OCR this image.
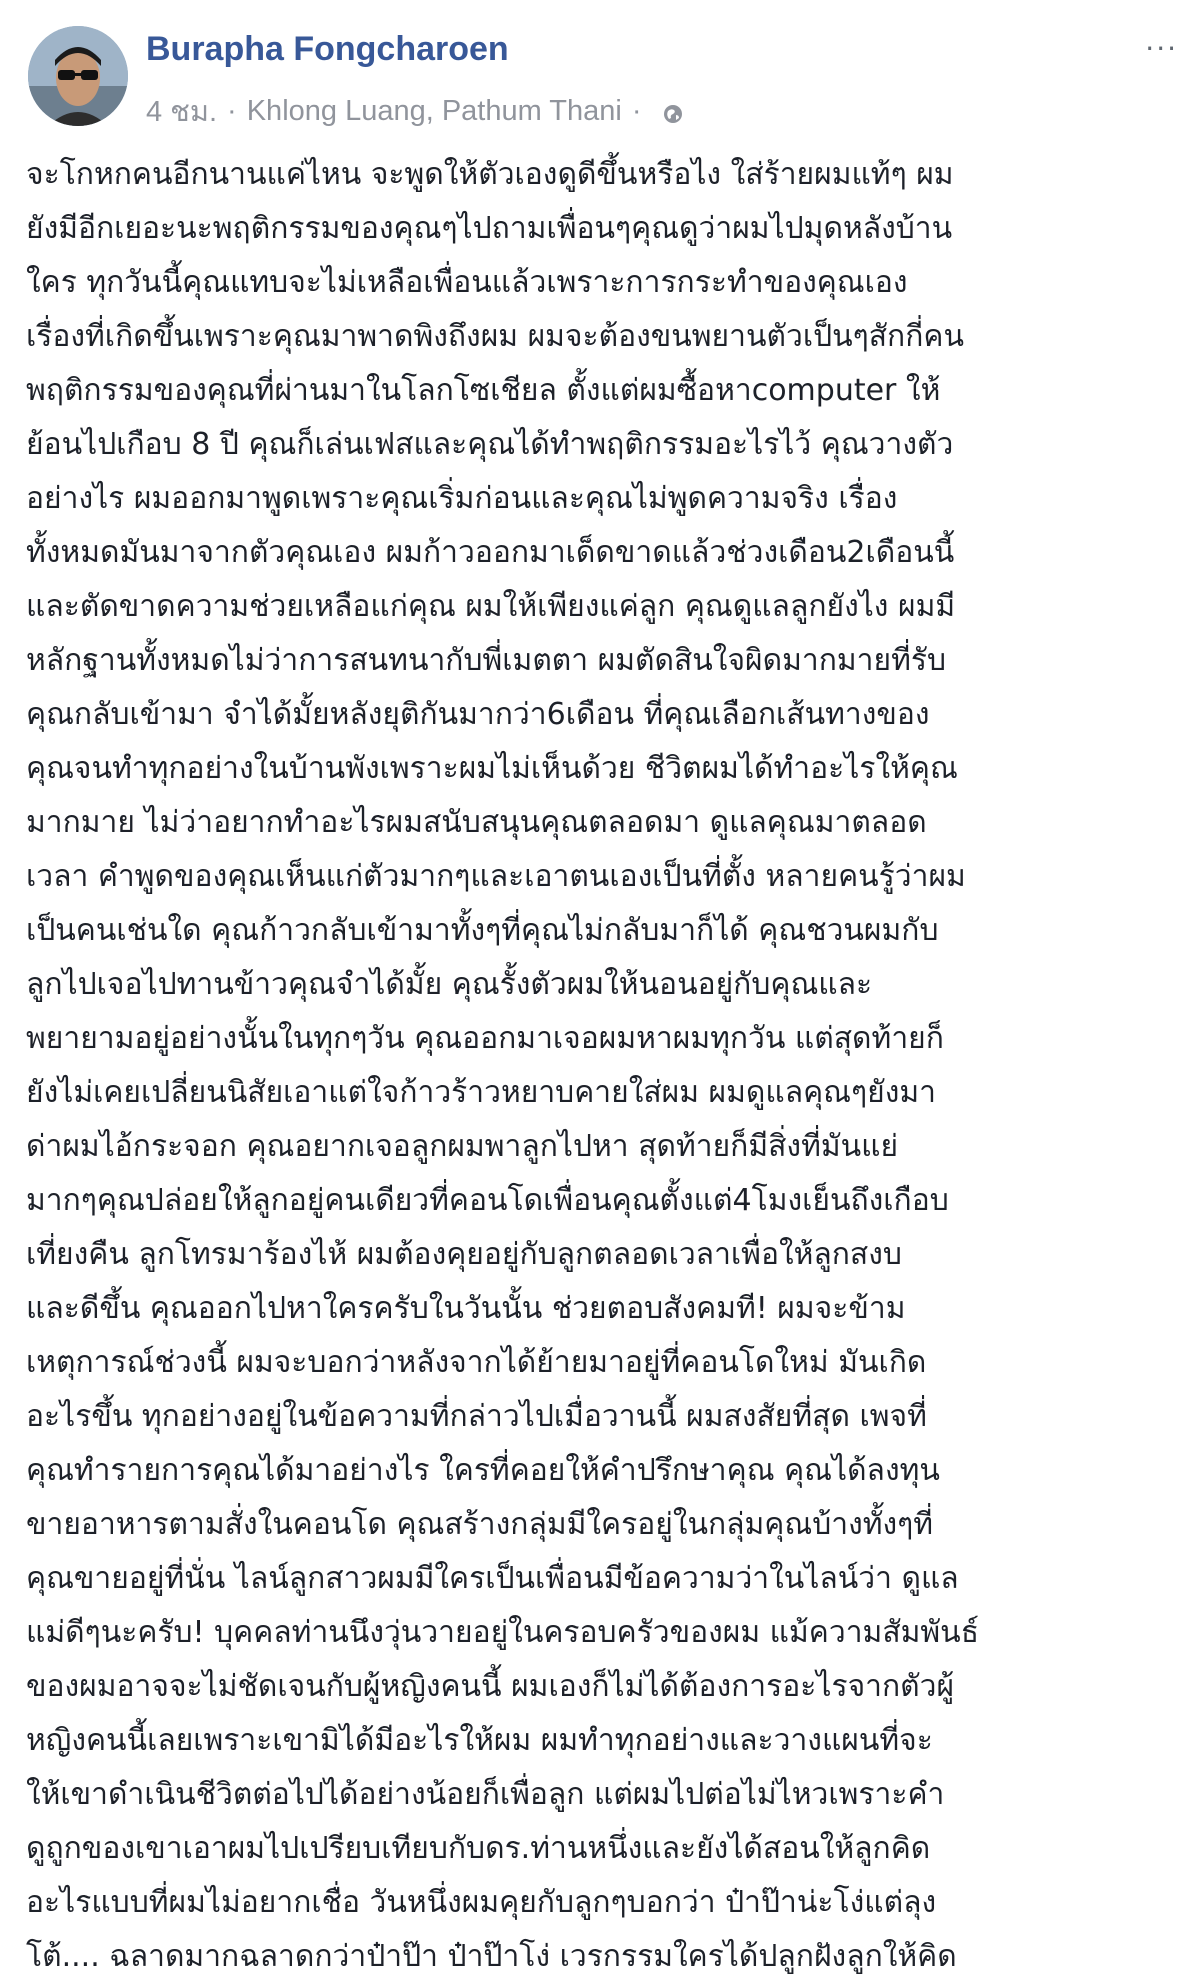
Burapha Fongcharoen
4 ชม. · Khlong Luang, Pathum Thani ·
···
จะโกหกคนอีกนานแค่ไหน จะพูดให้ตัวเองดูดีขึ้นหรือไง ใส่ร้ายผมแท้ๆ ผม
ยังมีอีกเยอะนะพฤติกรรมของคุณๆไปถามเพื่อนๆคุณดูว่าผมไปมุดหลังบ้าน
ใคร ทุกวันนี้คุณแทบจะไม่เหลือเพื่อนแล้วเพราะการกระทำของคุณเอง
เรื่องที่เกิดขึ้นเพราะคุณมาพาดพิงถึงผม ผมจะต้องขนพยานตัวเป็นๆสักกี่คน
พฤติกรรมของคุณที่ผ่านมาในโลกโซเชียล ตั้งแต่ผมซื้อหาcomputer ให้
ย้อนไปเกือบ 8 ปี คุณก็เล่นเฟสและคุณได้ทำพฤติกรรมอะไรไว้ คุณวางตัว
อย่างไร ผมออกมาพูดเพราะคุณเริ่มก่อนและคุณไม่พูดความจริง เรื่อง
ทั้งหมดมันมาจากตัวคุณเอง ผมก้าวออกมาเด็ดขาดแล้วช่วงเดือน2เดือนนี้
และตัดขาดความช่วยเหลือแก่คุณ ผมให้เพียงแค่ลูก คุณดูแลลูกยังไง ผมมี
หลักฐานทั้งหมดไม่ว่าการสนทนากับพี่เมตตา ผมตัดสินใจผิดมากมายที่รับ
คุณกลับเข้ามา จำได้มั้ยหลังยุติกันมากว่า6เดือน ที่คุณเลือกเส้นทางของ
คุณจนทำทุกอย่างในบ้านพังเพราะผมไม่เห็นด้วย ชีวิตผมได้ทำอะไรให้คุณ
มากมาย ไม่ว่าอยากทำอะไรผมสนับสนุนคุณตลอดมา ดูแลคุณมาตลอด
เวลา คำพูดของคุณเห็นแก่ตัวมากๆและเอาตนเองเป็นที่ตั้ง หลายคนรู้ว่าผม
เป็นคนเช่นใด คุณก้าวกลับเข้ามาทั้งๆที่คุณไม่กลับมาก็ได้ คุณชวนผมกับ
ลูกไปเจอไปทานข้าวคุณจำได้มั้ย คุณรั้งตัวผมให้นอนอยู่กับคุณและ
พยายามอยู่อย่างนั้นในทุกๆวัน คุณออกมาเจอผมหาผมทุกวัน แต่สุดท้ายก็
ยังไม่เคยเปลี่ยนนิสัยเอาแต่ใจก้าวร้าวหยาบคายใส่ผม ผมดูแลคุณๆยังมา
ด่าผมไอ้กระจอก คุณอยากเจอลูกผมพาลูกไปหา สุดท้ายก็มีสิ่งที่มันแย่
มากๆคุณปล่อยให้ลูกอยู่คนเดียวที่คอนโดเพื่อนคุณตั้งแต่4โมงเย็นถึงเกือบ
เที่ยงคืน ลูกโทรมาร้องไห้ ผมต้องคุยอยู่กับลูกตลอดเวลาเพื่อให้ลูกสงบ
และดีขึ้น คุณออกไปหาใครครับในวันนั้น ช่วยตอบสังคมที! ผมจะข้าม
เหตุการณ์ช่วงนี้ ผมจะบอกว่าหลังจากได้ย้ายมาอยู่ที่คอนโดใหม่ มันเกิด
อะไรขึ้น ทุกอย่างอยู่ในข้อความที่กล่าวไปเมื่อวานนี้ ผมสงสัยที่สุด เพจที่
คุณทำรายการคุณได้มาอย่างไร ใครที่คอยให้คำปรึกษาคุณ คุณได้ลงทุน
ขายอาหารตามสั่งในคอนโด คุณสร้างกลุ่มมีใครอยู่ในกลุ่มคุณบ้างทั้งๆที่
คุณขายอยู่ที่นั่น ไลน์ลูกสาวผมมีใครเป็นเพื่อนมีข้อความว่าในไลน์ว่า ดูแล
แม่ดีๆนะครับ! บุคคลท่านนึงวุ่นวายอยู่ในครอบครัวของผม แม้ความสัมพันธ์
ของผมอาจจะไม่ชัดเจนกับผู้หญิงคนนี้ ผมเองก็ไม่ได้ต้องการอะไรจากตัวผู้
หญิงคนนี้เลยเพราะเขามิได้มีอะไรให้ผม ผมทำทุกอย่างและวางแผนที่จะ
ให้เขาดำเนินชีวิตต่อไปได้อย่างน้อยก็เพื่อลูก แต่ผมไปต่อไม่ไหวเพราะคำ
ดูถูกของเขาเอาผมไปเปรียบเทียบกับดร.ท่านหนึ่งและยังได้สอนให้ลูกคิด
อะไรแบบที่ผมไม่อยากเชื่อ วันหนึ่งผมคุยกับลูกๆบอกว่า ป๋าป๊าน่ะโง่แต่ลุง
โต้.... ฉลาดมากฉลาดกว่าป๋าป๊า ป๋าป๊าโง่ เวรกรรมใครได้ปลูกฝังลูกให้คิด
